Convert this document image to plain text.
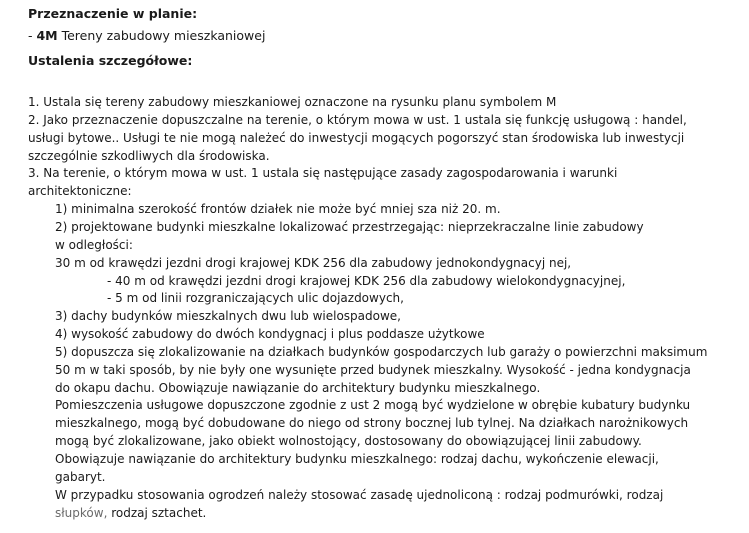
Przeznaczenie w planie:
- 4M Tereny zabudowy mieszkaniowej
Ustalenia szczegółowe:
1. Ustala się tereny zabudowy mieszkaniowej oznaczone na rysunku planu symbolem M
2. Jako przeznaczenie dopuszczalne na terenie, o którym mowa w ust. 1 ustala się funkcję usługową : handel,
usługi bytowe.. Usługi te nie mogą należeć do inwestycji mogących pogorszyć stan środowiska lub inwestycji
szczególnie szkodliwych dla środowiska.
3. Na terenie, o którym mowa w ust. 1 ustala się następujące zasady zagospodarowania i warunki
architektoniczne:
1) minimalna szerokość frontów działek nie może być mniej sza niż 20. m.
2) projektowane budynki mieszkalne lokalizować przestrzegając: nieprzekraczalne linie zabudowy
w odległości:
30 m od krawędzi jezdni drogi krajowej KDK 256 dla zabudowy jednokondygnacyj nej,
- 40 m od krawędzi jezdni drogi krajowej KDK 256 dla zabudowy wielokondygnacyjnej,
- 5 m od linii rozgraniczających ulic dojazdowych,
3) dachy budynków mieszkalnych dwu lub wielospadowe,
4) wysokość zabudowy do dwóch kondygnacj i plus poddasze użytkowe
5) dopuszcza się zlokalizowanie na działkach budynków gospodarczych lub garaży o powierzchni maksimum
50 m w taki sposób, by nie były one wysunięte przed budynek mieszkalny. Wysokość - jedna kondygnacja
do okapu dachu. Obowiązuje nawiązanie do architektury budynku mieszkalnego.
Pomieszczenia usługowe dopuszczone zgodnie z ust 2 mogą być wydzielone w obrębie kubatury budynku
mieszkalnego, mogą być dobudowane do niego od strony bocznej lub tylnej. Na działkach narożnikowych
mogą być zlokalizowane, jako obiekt wolnostojący, dostosowany do obowiązującej linii zabudowy.
Obowiązuje nawiązanie do architektury budynku mieszkalnego: rodzaj dachu, wykończenie elewacji,
gabaryt.
W przypadku stosowania ogrodzeń należy stosować zasadę ujednoliconą : rodzaj podmurówki, rodzaj
słupków, rodzaj sztachet.
